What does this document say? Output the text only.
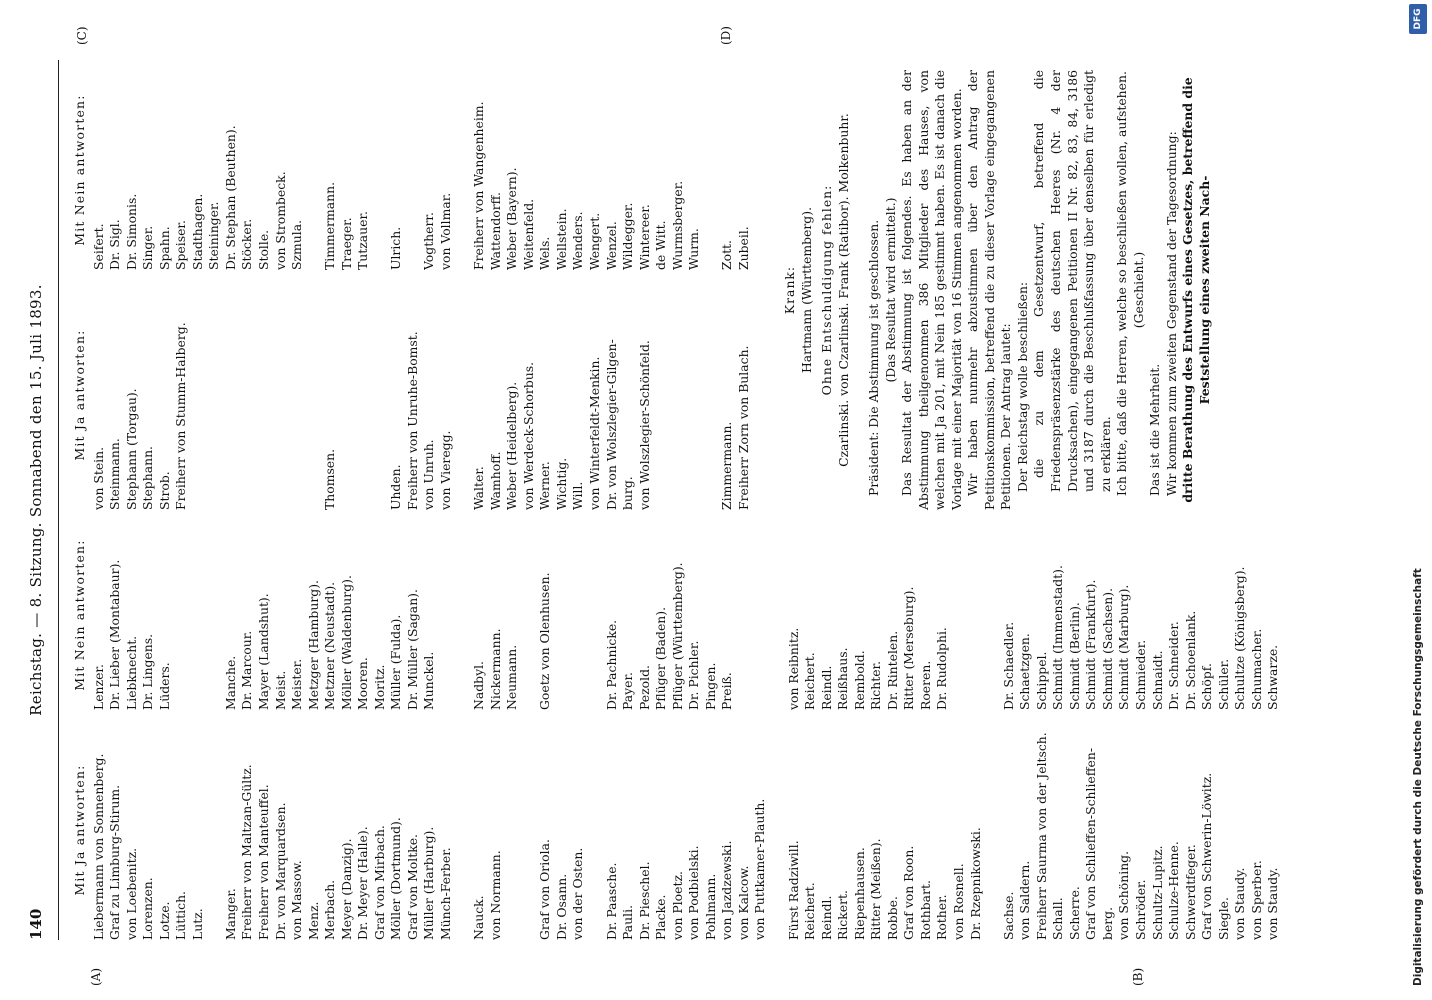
140
Reichstag. — 8. Sitzung. Sonnabend den 15. Juli 1893.
(A)	(B)
(C)	(D)
Mit Ja antworten: Liebermann von Sonnenberg. Graf zu Limburg-Stirum. von Loebenitz. Lorenzen. Lotze. Lüttich. Lutz. Manger. Freiherr von Maltzan-Gültz. Freiherr von Manteuffel. Dr. von Marquardsen. von Massow. Menz. Merbach. Meyer (Danzig). Dr. Meyer (Halle). Graf von Mirbach. Möller (Dortmund). Graf von Moltke. Müller (Harburg). Münch-Ferber. Nauck. von Normann.	Graf von Oriola. Dr. Osann. von der Osten. Dr. Paasche. Pauli. Dr. Pieschel. Placke. von Ploetz. von Podbielski. Pohlmann. von Jazdzewski. von Kalcow. von Puttkamer-Plauth. Fürst Radziwill. Reichert. Reindl. Rickert. Riepenhausen. Ritter (Meißen). Robbe. Graf von Roon. Rothbart. Rother. von Rosnell. Dr. Rzepnikowski. Sachse. von Saldern. Freiherr Saurma von der Jeltsch. Schall. Scherre. Graf von Schlieffen-Schlieffen- berg. von Schöning. Schröder. Schultz-Lupitz. Schulze-Henne. Schwerdtfeger. Graf von Schwerin-Löwitz. Siegle. von Staudy. von Sperber. von Staudy.
Mit Nein antworten: Lenzer. Dr. Lieber (Montabaur). Liebknecht. Dr. Lingens. Lüders.	Manche. Dr. Marcour. Mayer (Landshut). Meist. Meister. Metzger (Hamburg). Metzner (Neustadt). Möller (Waldenburg). Mooren. Moritz. Müller (Fulda). Dr. Müller (Sagan). Munckel.	Nadbyl. Nickermann. Neumann. Goetz von Olenhusen.	Dr. Pachnicke. Payer. Pezold. Pflüger (Baden). Pflüger (Württemberg). Dr. Pichler. Pingen. Preiß.	von Reibnitz. Reichert. Reindl. Reißhaus. Rembold. Richter. Dr. Rintelen. Ritter (Merseburg). Roeren. Dr. Rudolphi.	Dr. Schaedler. Schaetzgen. Schippel. Schmidt (Immenstadt). Schmidt (Berlin). Schmidt (Frankfurt). Schmidt (Sachsen). Schmidt (Marburg). Schmieder. Schnaidt. Dr. Schneider. Dr. Schoenlank. Schöpf. Schüler. Schultze (Königsberg). Schumacher. Schwarze.
Mit Ja antworten:
von Stein. Steinmann. Stephann (Torgau). Stephann. Strob. Freiherr von Stumm-Halberg.	Thomsen.	Uhden. Freiherr von Unruhe-Bomst. von Unruh. von Vieregg. Walter. Wamhoff. Weber (Heidelberg). von Werdeck-Schorbus. Werner. Wichtig. Will. von Winterfeldt-Menkin. Dr. von Wolszlegier-Gilgen- burg. von Wolszlegier-Schönfeld.	Zimmermann. Freiherr Zorn von Bulach.
Mit Nein antworten:
Seifert. Dr. Sigl. Dr. Simonis. Singer. Spahn. Speiser. Stadthagen. Steininger. Dr. Stephan (Beuthen). Stöcker. Stolle. von Strombeck. Szmula. Timmermann. Traeger. Tutzauer. Ulrich. Vogtherr. von Vollmar. Freiherr von Wangenheim. Wattendorff. Weber (Bayern). Weitenfeld. Wels. Wellstein. Wenders. Wengert. Wenzel. Wildegger. Wintereer. de Witt. Wurmsberger. Wurm. Zott. Zubeil.
Krank: Hartmann (Württemberg). Ohne Entschuldigung fehlen: Czarlinski. von Czarlinski. Frank (Ratibor). Molkenbuhr. Präsident: Die Abstimmung ist geschlossen. (Das Resultat wird ermittelt.) Das Resultat der Abstimmung ist folgendes. Es haben an der Abstimmung theilgenommen 386 Mitglieder des Hauses, von welchen mit Ja 201, mit Nein 185 gestimmt haben. Es ist danach die Vorlage mit einer Majorität von 16 Stimmen angenommen worden. Wir haben nunmehr abzustimmen über den Antrag der Petitionskommission, betreffend die zu dieser Vorlage eingegangenen Petitionen. Der Antrag lautet: Der Reichstag wolle beschließen: die zu dem Gesetzentwurf, betreffend die Friedenspräsenzstärke des deutschen Heeres (Nr. 4 der Drucksachen), eingegangenen Petitionen II Nr. 82, 83, 84, 3186 und 3187 durch die Beschlußfassung über denselben für erledigt zu erklären. Ich bitte, daß die Herren, welche so beschließen wollen, aufstehen. (Geschieht.)
Das ist die Mehrheit. Wir kommen zum zweiten Gegenstand der Tagesordnung: dritte Berathung des Entwurfs eines Gesetzes, betreffend die Feststellung eines zweiten Nach-
Digitalisierung gefördert durch die Deutsche Forschungsgemeinschaft
DFG
